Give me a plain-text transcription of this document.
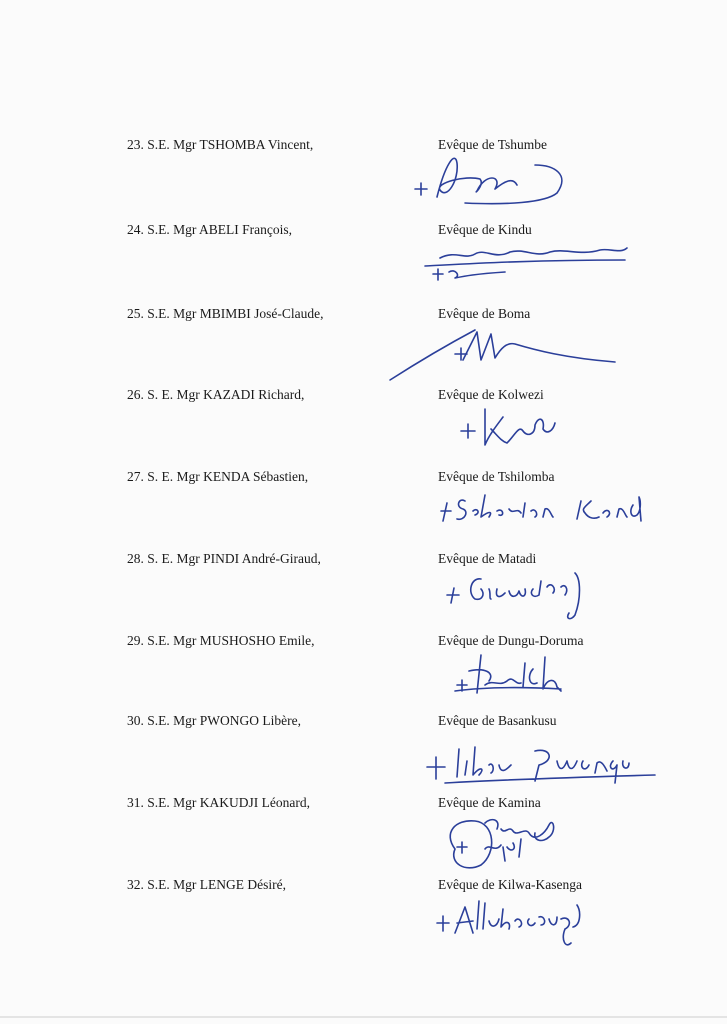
23. S.E. Mgr TSHOMBA Vincent,	Evêque de Tshumbe
24. S.E. Mgr ABELI François,	Evêque de Kindu
25. S.E. Mgr MBIMBI José-Claude,	Evêque de Boma
26. S. E. Mgr KAZADI Richard,	Evêque de Kolwezi
27. S. E. Mgr KENDA Sébastien,	Evêque de Tshilomba
28. S. E. Mgr PINDI André-Giraud,	Evêque de Matadi
29. S.E. Mgr MUSHOSHO Emile,	Evêque de Dungu-Doruma
30. S.E. Mgr PWONGO Libère,	Evêque de Basankusu
31. S.E. Mgr KAKUDJI Léonard,	Evêque de Kamina
32. S.E. Mgr LENGE Désiré,	Evêque de Kilwa-Kasenga
